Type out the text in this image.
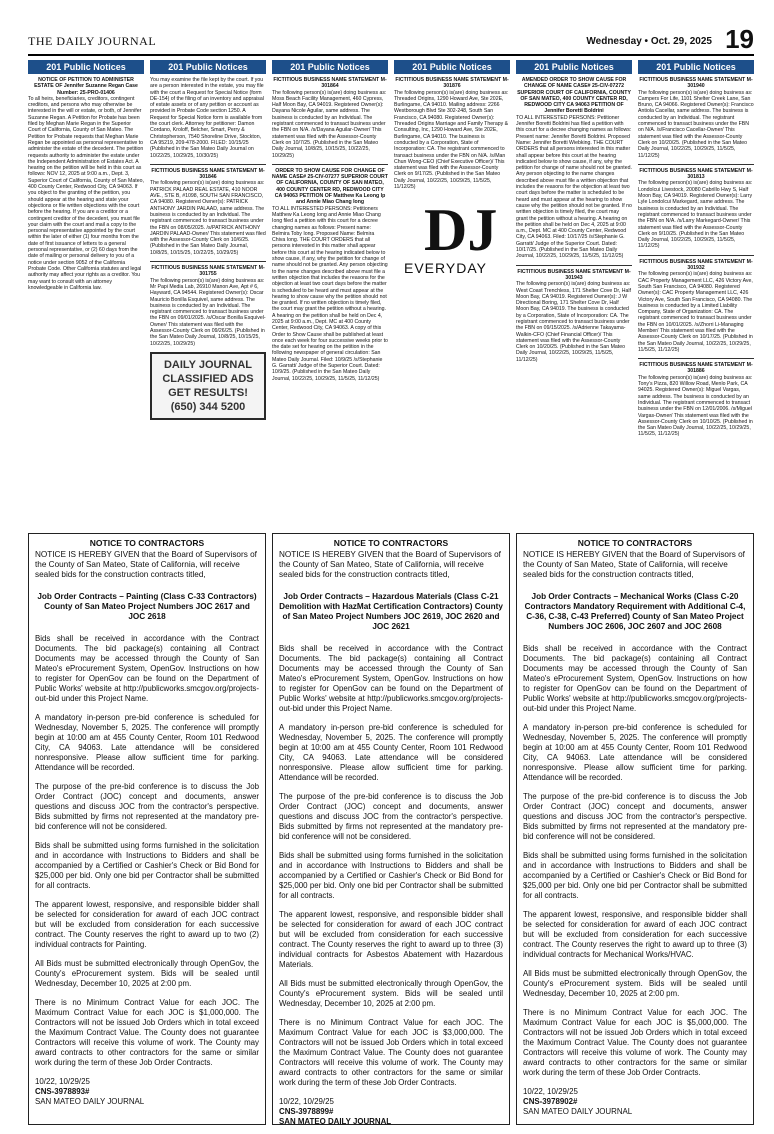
THE DAILY JOURNAL	Wednesday • Oct. 29, 2025 19
201 Public Notices
NOTICE OF PETITION TO ADMINISTER ESTATE OF Jennifer Suzanne Regan Case Number: 25-PRO-01406

To all heirs, beneficiaries, creditors, contingent creditors, and persons who may otherwise be interested in the will or estate, or both, of Jennifer Suzanne Regan. A Petition for Probate has been filed by Meghan Marie Regan in the Superior Court of California, County of San Mateo. The Petition for Probate requests that Meghan Marie Regan be appointed as personal representative to administer the estate of the decedent. The petition requests authority to administer the estate under the Independent Administration of Estates Act. A hearing on the petition will be held in this court as follows: NOV 12, 2025 at 9:00 a.m., Dept. 3, Superior Court of California, County of San Mateo, 400 County Center, Redwood City, CA 94063. If you object to the granting of the petition, you should appear at the hearing and state your objections or file written objections with the court before the hearing. If you are a creditor or a contingent creditor of the decedent, you must file your claim with the court and mail a copy to the personal representative appointed by the court within the later of either (1) four months from the date of first issuance of letters to a general personal representative, or (2) 60 days from the date of mailing or personal delivery to you of a notice under section 9052 of the California Probate Code. Other California statutes and legal authority may affect your rights as a creditor. You may want to consult with an attorney knowledgeable in California law.

201 Public Notices

You may examine the file kept by the court. If you are a person interested in the estate, you may file with the court a Request for Special Notice (form DE-154) of the filing of an inventory and appraisal of estate assets or of any petition or account as provided in Probate Code section 1250. A Request for Special Notice form is available from the court clerk. Attorney for petitioner: Damon Cordano, Kroloff, Belcher, Smart, Perry & Christopherson, 7540 Shoreline Drive, Stockton, CA 95219, 209-478-2000. FILED: 10/15/25 (Published in the San Mateo Daily Journal on 10/22/25, 10/29/25, 10/30/25)

FICTITIOUS BUSINESS NAME STATEMENT M-301846

The following person(s) is(are) doing business as: PATRICK PALAAD REAL ESTATE, 410 NOOR AVE., STE B, #1098, SOUTH SAN FRANCISCO, CA 94080. Registered Owner(s): PATRICK ANTHONY JARDIN PALAAD, same address. The business is conducted by an Individual. The registrant commenced to transact business under the FBN on 08/05/2025. /s/PATRICK ANTHONY JARDIN PALAAD-Owner/ This statement was filed with the Assessor-County Clerk on 10/6/25. (Published in the San Mateo Daily Journal, 10/8/25, 10/15/25, 10/22/25, 10/29/25)

FICTITIOUS BUSINESS NAME STATEMENT M-301755

The following person(s) is(are) doing business as: Mr Papi Media Lab, 26910 Manon Ave, Apt # 6, Hayward, CA 94544. Registered Owner(s): Oscar Mauricio Bonilla Esquivel, same address. The business is conducted by an Individual. The registrant commenced to transact business under the FBN on 09/01/2025. /s/Oscar Bonilla Esquivel-Owner/ This statement was filed with the Assessor-County Clerk on 09/26/25. (Published in the San Mateo Daily Journal, 10/8/25, 10/15/25, 10/22/25, 10/29/25)

DAILY JOURNAL
CLASSIFIED ADS
GET RESULTS!
(650) 344 5200
201 Public Notices
FICTITIOUS BUSINESS NAME STATEMENT M-301864

The following person(s) is(are) doing business as: Moss Beach Facility Management, 460 Cypress, Half Moon Bay, CA 94019. Registered Owner(s): Dayana Nicole Aguilar, same address. The business is conducted by an Individual. The registrant commenced to transact business under the FBN on N/A. /s/Dayana Aguilar-Owner/ This statement was filed with the Assessor-County Clerk on 10/7/25. (Published in the San Mateo Daily Journal, 10/8/25, 10/15/25, 10/22/25, 10/29/25)

ORDER TO SHOW CAUSE FOR CHANGE OF NAME CASE# 25-CIV-07277 SUPERIOR COURT OF CALIFORNIA, COUNTY OF SAN MATEO, 400 COUNTY CENTER RD, REDWOOD CITY CA 94063 PETITION OF Matthew Ka Leong Ip and Annie Miao Chang Iong

TO ALL INTERESTED PERSONS: Petitioners Matthew Ka Leong Iong and Annie Miao Chang Iong filed a petition with this court for a decree changing names as follows: Present name: Belmira Toby Iong. Proposed Name: Belmira Chiva Iong. THE COURT ORDERS that all persons interested in this matter shall appear before this court at the hearing indicated below to show cause, if any, why the petition for change of name should not be granted. Any person objecting to the name changes described above must file a written objection that includes the reasons for the objection at least two court days before the matter is scheduled to be heard and must appear at the hearing to show cause why the petition should not be granted. If no written objection is timely filed, the court may grant the petition without a hearing. A hearing on the petition shall be held on Dec 4, 2025 at 9:00 a.m., Dept. MC at 400 County Center, Redwood City, CA 94063. A copy of this Order to Show Cause shall be published at least once each week for four successive weeks prior to the date set for hearing on the petition in the following newspaper of general circulation: San Mateo Daily Journal. Filed: 10/9/25 /s/Stephanie G. Garratt/ Judge of the Superior Court. Dated: 10/9/25. (Published in the San Mateo Daily Journal, 10/22/25, 10/29/25, 11/5/25, 11/12/25)

201 Public Notices
FICTITIOUS BUSINESS NAME STATEMENT M-301876

The following person(s) is(are) doing business as: Threaded Origins, 1290 Howard Ave, Ste 202E, Burlingame, CA 94010. Mailing address: 2266 Westborough Blvd Ste 302-248, South San Francisco, CA 94080. Registered Owner(s): Threaded Origins Marriage and Family Therapy & Consulting, Inc, 1290 Howard Ave, Ste 202E, Burlingame, CA 94010. The business is conducted by a Corporation, State of Incorporation: CA. The registrant commenced to transact business under the FBN on N/A. /s/Man Chun Wong-CEO (Chief Executive Officer)/ This statement was filed with the Assessor-County Clerk on 9/17/25. (Published in the San Mateo Daily Journal, 10/22/25, 10/29/25, 11/5/25, 11/12/25)

DJ
EVERYDAY
201 Public Notices
AMENDED ORDER TO SHOW CAUSE FOR CHANGE OF NAME CASE# 25-CIV-07272 SUPERIOR COURT OF CALIFORNIA, COUNTY OF SAN MATEO, 400 COUNTY CENTER RD, REDWOOD CITY CA 94063 PETITION OF Jennifer Boretti Boldrini

TO ALL INTERESTED PERSONS: Petitioner Jennifer Boretti Boldrini has filed a petition with this court for a decree changing names as follows: Present name: Jennifer Boretti Boldrini. Proposed Name: Jennifer Boretti Wiebking. THE COURT ORDERS that all persons interested in this matter shall appear before this court at the hearing indicated below to show cause, if any, why the petition for change of name should not be granted. Any person objecting to the name changes described above must file a written objection that includes the reasons for the objection at least two court days before the matter is scheduled to be heard and must appear at the hearing to show cause why the petition should not be granted. If no written objection is timely filed, the court may grant the petition without a hearing. A hearing on the petition shall be held on Dec 4, 2025 at 9:00 a.m., Dept. MC at 400 County Center, Redwood City, CA 94063. Filed: 10/17/25 /s/Stephanie G. Garratt/ Judge of the Superior Court. Dated: 10/17/25. (Published in the San Mateo Daily Journal, 10/22/25, 10/29/25, 11/5/25, 11/12/25)

FICTITIOUS BUSINESS NAME STATEMENT M-301943

The following person(s) is(are) doing business as: West Coast Trenchless, 171 Shelter Cove Dr, Half Moon Bay, CA 94019. Registered Owner(s): J W Directional Boring, 171 Shelter Cove Dr, Half Moon Bay, CA 94019. The business is conducted by a Corporation, State of Incorporation: CA. The registrant commenced to transact business under the FBN on 09/15/2025. /s/Adrienne Takayama-Walkin-CFO (Chief Financial Officer)/ This statement was filed with the Assessor-County Clerk on 10/20/25. (Published in the San Mateo Daily Journal, 10/22/25, 10/29/25, 11/5/25, 11/12/25)

201 Public Notices
FICTITIOUS BUSINESS NAME STATEMENT M-301940

The following person(s) is(are) doing business as: Campers For Life, 1101 Shelter Creek Lane, San Bruno, CA 94066. Registered Owner(s): Francisco Antiola Cacellar, same address. The business is conducted by an Individual. The registrant commenced to transact business under the FBN on N/A. /s/Francisco Cacellar-Owner/ This statement was filed with the Assessor-County Clerk on 10/20/25. (Published in the San Mateo Daily Journal, 10/22/25, 10/29/25, 11/5/25, 11/12/25)

FICTITIOUS BUSINESS NAME STATEMENT M-301813

The following person(s) is(are) doing business as: Londolcui Livestock, 20080 Cabrillo Hwy S, Half Moon Bay, CA 94019. Registered Owner(s): Larry Lyle Londolcui Markegard, same address. The business is conducted by an Individual. The registrant commenced to transact business under the FBN on N/A. /s/Larry Markegard-Owner/ This statement was filed with the Assessor-County Clerk on 9/10/25. (Published in the San Mateo Daily Journal, 10/22/25, 10/29/25, 11/5/25, 11/12/25)

FICTITIOUS BUSINESS NAME STATEMENT M-301932

The following person(s) is(are) doing business as: CAC Property Management LLC, 426 Victory Ave, South San Francisco, CA 94080. Registered Owner(s): CAC Property Management LLC, 426 Victory Ave, South San Francisco, CA 94080. The business is conducted by a Limited Liability Company, State of Organization: CA. The registrant commenced to transact business under the FBN on 10/01/2025. /s/Zhorri Li-Managing Member/ This statement was filed with the Assessor-County Clerk on 10/17/25. (Published in the San Mateo Daily Journal, 10/22/25, 10/29/25, 11/5/25, 11/12/25)

FICTITIOUS BUSINESS NAME STATEMENT M-301886

The following person(s) is(are) doing business as: Tony's Pizza, 820 Willow Road, Menlo Park, CA 94025. Registered Owner(s): Miguel Vargas, same address. The business is conducted by an Individual. The registrant commenced to transact business under the FBN on 12/01/2006. /s/Miguel Vargas-Owner/ This statement was filed with the Assessor-County Clerk on 10/10/25. (Published in the San Mateo Daily Journal, 10/22/25, 10/29/25, 11/5/25, 11/12/25)

NOTICE TO CONTRACTORS
NOTICE IS HEREBY GIVEN that the Board of Supervisors of the County of San Mateo, State of California, will receive sealed bids for the construction contracts titled,
Job Order Contracts – Painting (Class C-33 Contractors) County of San Mateo Project Numbers JOC 2617 and JOC 2618
Bids shall be received in accordance with the Contract Documents. The bid package(s) containing all Contract Documents may be accessed through the County of San Mateo's eProcurement System, OpenGov. Instructions on how to register for OpenGov can be found on the Department of Public Works' website at http://publicworks.smcgov.org/projects-out-bid under this Project Name.
A mandatory in-person pre-bid conference is scheduled for Wednesday, November 5, 2025. The conference will promptly begin at 10:00 am at 455 County Center, Room 101 Redwood City, CA 94063. Late attendance will be considered nonresponsive. Please allow sufficient time for parking. Attendance will be recorded.
The purpose of the pre-bid conference is to discuss the Job Order Contract (JOC) concept and documents, answer questions and discuss JOC from the contractor's perspective. Bids submitted by firms not represented at the mandatory pre-bid conference will not be considered.
Bids shall be submitted using forms furnished in the solicitation and in accordance with Instructions to Bidders and shall be accompanied by a Certified or Cashier's Check or Bid Bond for $25,000 per bid. Only one bid per Contractor shall be submitted for all contracts.
The apparent lowest, responsive, and responsible bidder shall be selected for consideration for award of each JOC contract but will be excluded from consideration for each successive contract. The County reserves the right to award up to two (2) individual contracts for Painting.
All Bids must be submitted electronically through OpenGov, the County's eProcurement system. Bids will be sealed until Wednesday, December 10, 2025 at 2:00 pm.
There is no Minimum Contract Value for each JOC. The Maximum Contract Value for each JOC is $1,000,000. The Contractors will not be issued Job Orders which in total exceed the Maximum Contract Value. The County does not guarantee Contractors will receive this volume of work. The County may award contracts to other contractors for the same or similar work during the term of these Job Order Contracts.
10/22, 10/29/25
CNS-3978893#
SAN MATEO DAILY JOURNAL
NOTICE TO CONTRACTORS
NOTICE IS HEREBY GIVEN that the Board of Supervisors of the County of San Mateo, State of California, will receive sealed bids for the construction contracts titled,
Job Order Contracts – Hazardous Materials (Class C-21 Demolition with HazMat Certification Contractors) County of San Mateo Project Numbers JOC 2619, JOC 2620 and JOC 2621
Bids shall be received in accordance with the Contract Documents. The bid package(s) containing all Contract Documents may be accessed through the County of San Mateo's eProcurement System, OpenGov. Instructions on how to register for OpenGov can be found on the Department of Public Works' website at http://publicworks.smcgov.org/projects-out-bid under this Project Name.
A mandatory in-person pre-bid conference is scheduled for Wednesday, November 5, 2025. The conference will promptly begin at 10:00 am at 455 County Center, Room 101 Redwood City, CA 94063. Late attendance will be considered nonresponsive. Please allow sufficient time for parking. Attendance will be recorded.
The purpose of the pre-bid conference is to discuss the Job Order Contract (JOC) concept and documents, answer questions and discuss JOC from the contractor's perspective. Bids submitted by firms not represented at the mandatory pre-bid conference will not be considered.
Bids shall be submitted using forms furnished in the solicitation and in accordance with Instructions to Bidders and shall be accompanied by a Certified or Cashier's Check or Bid Bond for $25,000 per bid. Only one bid per Contractor shall be submitted for all contracts.
The apparent lowest, responsive, and responsible bidder shall be selected for consideration for award of each JOC contract but will be excluded from consideration for each successive contract. The County reserves the right to award up to three (3) individual contracts for Asbestos Abatement with Hazardous Materials.
All Bids must be submitted electronically through OpenGov, the County's eProcurement system. Bids will be sealed until Wednesday, December 10, 2025 at 2:00 pm.
There is no Minimum Contract Value for each JOC. The Maximum Contract Value for each JOC is $3,000,000. The Contractors will not be issued Job Orders which in total exceed the Maximum Contract Value. The County does not guarantee Contractors will receive this volume of work. The County may award contracts to other contractors for the same or similar work during the term of these Job Order Contracts.
10/22, 10/29/25
CNS-3978899#
SAN MATEO DAILY JOURNAL
NOTICE TO CONTRACTORS
NOTICE IS HEREBY GIVEN that the Board of Supervisors of the County of San Mateo, State of California, will receive sealed bids for the construction contracts titled,
Job Order Contracts – Mechanical Works (Class C-20 Contractors Mandatory Requirement with Additional C-4, C-36, C-38, C-43 Preferred) County of San Mateo Project Numbers JOC 2606, JOC 2607 and JOC 2608
Bids shall be received in accordance with the Contract Documents. The bid package(s) containing all Contract Documents may be accessed through the County of San Mateo's eProcurement System, OpenGov. Instructions on how to register for OpenGov can be found on the Department of Public Works' website at http://publicworks.smcgov.org/projects-out-bid under this Project Name.
A mandatory in-person pre-bid conference is scheduled for Wednesday, November 5, 2025. The conference will promptly begin at 10:00 am at 455 County Center, Room 101 Redwood City, CA 94063. Late attendance will be considered nonresponsive. Please allow sufficient time for parking. Attendance will be recorded.
The purpose of the pre-bid conference is to discuss the Job Order Contract (JOC) concept and documents, answer questions and discuss JOC from the contractor's perspective. Bids submitted by firms not represented at the mandatory pre-bid conference will not be considered.
Bids shall be submitted using forms furnished in the solicitation and in accordance with Instructions to Bidders and shall be accompanied by a Certified or Cashier's Check or Bid Bond for $25,000 per bid. Only one bid per Contractor shall be submitted for all contracts.
The apparent lowest, responsive, and responsible bidder shall be selected for consideration for award of each JOC contract but will be excluded from consideration for each successive contract. The County reserves the right to award up to three (3) individual contracts for Mechanical Works/HVAC.
All Bids must be submitted electronically through OpenGov, the County's eProcurement system. Bids will be sealed until Wednesday, December 10, 2025 at 2:00 pm.
There is no Minimum Contract Value for each JOC. The Maximum Contract Value for each JOC is $5,000,000. The Contractors will not be issued Job Orders which in total exceed the Maximum Contract Value. The County does not guarantee Contractors will receive this volume of work. The County may award contracts to other contractors for the same or similar work during the term of these Job Order Contracts.
10/22, 10/29/25
CNS-3978902#
SAN MATEO DAILY JOURNAL
